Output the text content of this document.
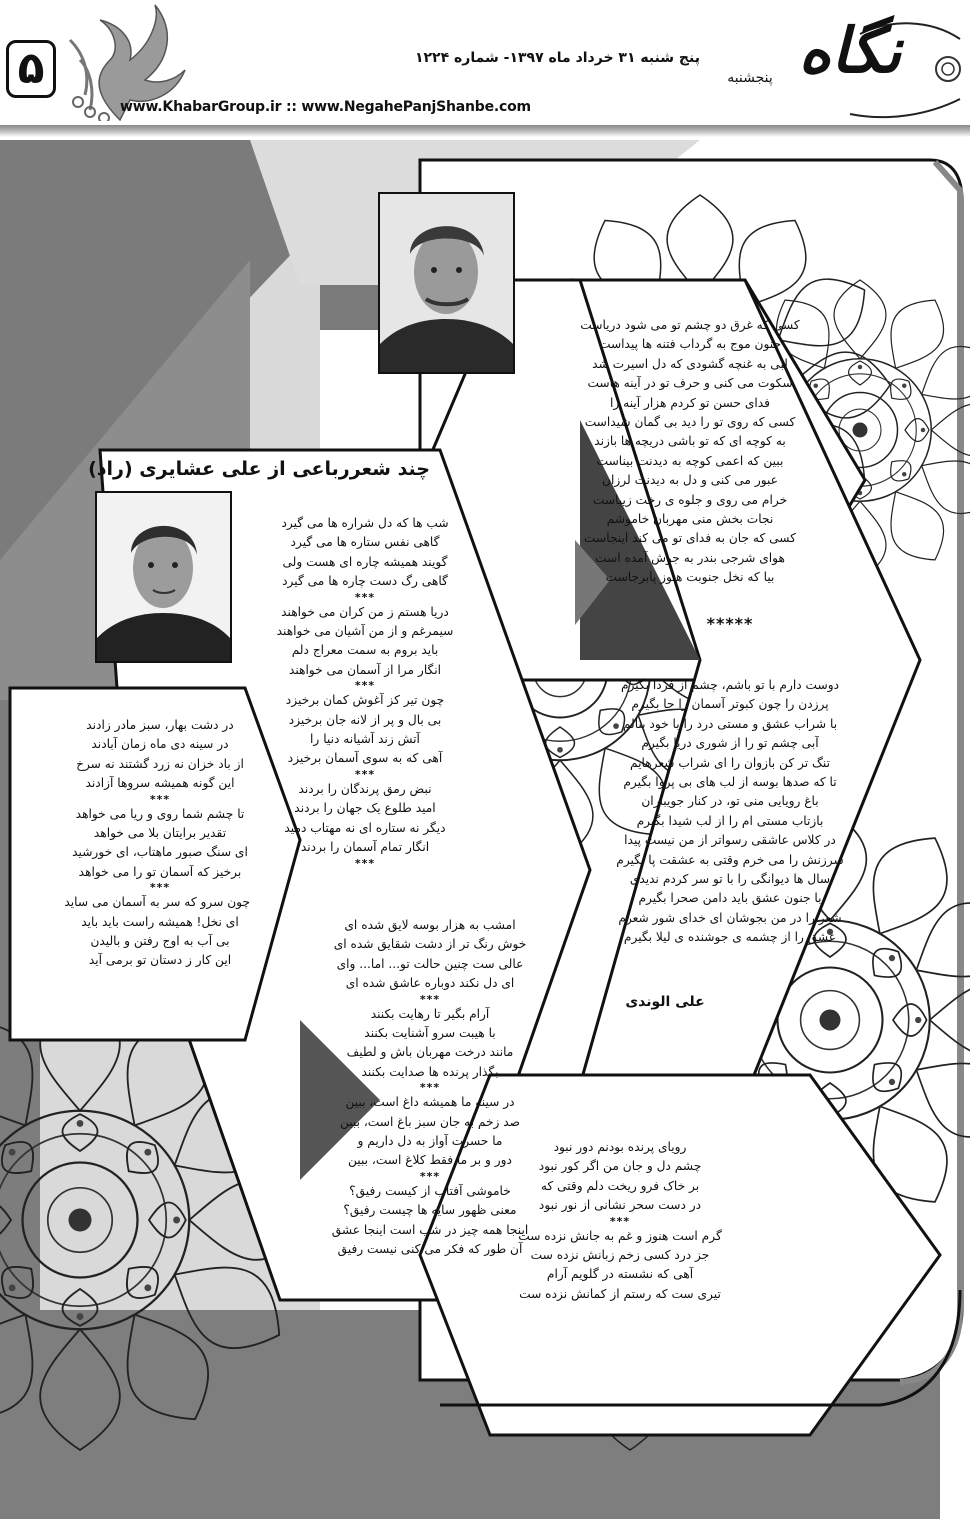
۵	پنج شنبه ۳۱ خرداد ماه ۱۳۹۷- شماره ۱۲۲۴
www.KhabarGroup.ir :: www.NegahePanjShanbe.com
نگاه
پنجشنبه
چند شعررباعی از علی عشایری (راد)
کسی که غرق دو چشم تو می شود دریاست
جنون موج به گرداب فتنه ها پیداست
لبی به غنچه گشودی که دل اسیرت شد
سکوت می کنی و حرف تو در آینه هاست
فدای حسن تو کردم هزار آینه را
کسی که روی تو را دید بی گمان شیداست
به کوچه ای که تو باشی دریچه ها بازند
ببین که اعمی کوچه به دیدنت بیناست
عبور می کنی و دل به دیدنت لرزان
خرام می روی و جلوه ی رخت زیباست
نجات بخش منی مهربان خاموشم
کسی که جان به فدای تو می کند اینجاست
هوای شرجی بندر به جوش آمده است
بیا که نخل جنوبت هنوز پابرجاست
*****
دوست دارم با تو باشم، چشم از فردا بگیرم
پرزدن را چون کبوتر آسمان را جا بگیرم
با شراب عشق و مستی درد را با خود بنالم
آبی چشم تو را از شوری دریا بگیرم
تنگ تر کن بازوان را ای شراب شعرهایم
تا که صدها بوسه از لب های بی پروا بگیرم
باغ رویایی منی تو، در کنار جویباران
بازتاب مستی ام را از لب شیدا بگیرم
در کلاس عاشقی رسواتر از من نیست پیدا
سرزنش را می خرم وقتی به عشقت پا بگیرم
سال ها دیوانگی را با تو سر کردم ندیدی
با جنون عشق باید دامن صحرا بگیرم
شعر را در من بجوشان ای خدای شور شعرم
عشق را از چشمه ی جوشنده ی لیلا بگیرم
علی الوندی
شب ها که دل شراره ها می گیرد
گاهی نفس ستاره ها می گیرد
گویند همیشه چاره ای هست ولی
گاهی رگ دست چاره ها می گیرد
***
دریا هستم ز من کران می خواهند
سیمرغم و از من آشیان می خواهند
باید بروم به سمت معراج دلم
انگار مرا از آسمان می خواهند
***
چون تیر کز آغوش کمان برخیزد
بی بال و پر از لانه جان برخیزد
آتش زند آشیانه دنیا را
آهی که به سوی آسمان برخیزد
***
نبض رمق پرندگان را بردند
امید طلوع یک جهان را بردند
دیگر نه ستاره ای نه مهتاب دمید
انگار تمام آسمان را بردند
***
امشب به هزار بوسه لایق شده ای
خوش رنگ تر از دشت شقایق شده ای
عالی ست چنین حالت تو... اما... وای
ای دل نکند دوباره عاشق شده ای
***
آرام بگیر تا رهایت بکنند
با هیبت سرو آشنایت بکنند
مانند درخت مهربان باش و لطیف
بگذار پرنده ها صدایت بکنند
***
در سینه ما همیشه داغ است، ببین
صد زخم به جان سبز باغ است، ببین
ما حسرت آواز به دل داریم و
دور و بر ما فقط کلاغ است، ببین
***
خاموشی آفتاب از کیست رفیق؟
معنی ظهور سایه ها چیست رفیق؟
اینجا همه چیز در شب است اینجا عشق
آن طور که فکر می کنی نیست رفیق
در دشت بهار، سبز مادر زادند
در سینه دی ماه زمان آبادند
از باد خزان نه زرد گشتند نه سرخ
این گونه همیشه سروها آزادند
***
تا چشم شما روی و ریا می خواهد
تقدیر برایتان بلا می خواهد
ای سنگ صبور ماهتاب، ای خورشید
برخیز که آسمان تو را می خواهد
***
چون سرو که سر به آسمان می ساید
ای نخل! همیشه راست باید باید
بی آب به اوج رفتن و بالیدن
این کار ز دستان تو برمی آید
رویای پرنده بودنم دور نبود
چشم دل و جان من اگر کور نبود
بر خاک فرو ریخت دلم وقتی که
در دست سحر نشانی از نور نبود
***
گرم است هنوز و غم به جانش نزده ست
جز درد کسی زخم زبانش نزده ست
آهی که نشسته در گلویم آرام
تیری ست که رستم از کمانش نزده ست
